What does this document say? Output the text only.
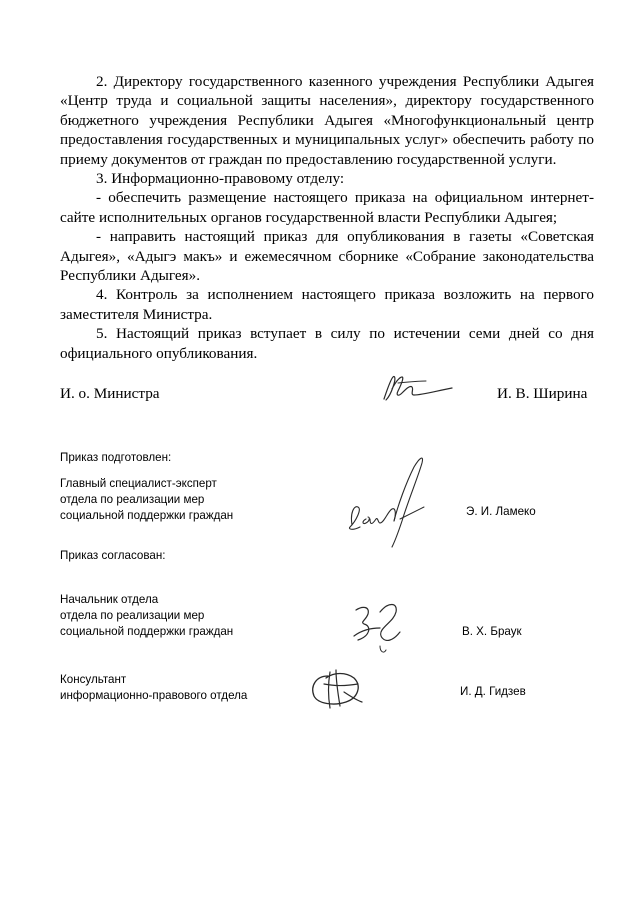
2. Директору государственного казенного учреждения Республики Адыгея «Центр труда и социальной защиты населения», директору государственного бюджетного учреждения Республики Адыгея «Многофункциональный центр предоставления государственных и муниципальных услуг» обеспечить работу по приему документов от граждан по предоставлению государственной услуги.

3. Информационно-правовому отделу:

- обеспечить размещение настоящего приказа на официальном интернет-сайте исполнительных органов государственной власти Республики Адыгея;

- направить настоящий приказ для опубликования в газеты «Советская Адыгея», «Адыгэ макъ» и ежемесячном сборнике «Собрание законодательства Республики Адыгея».

4. Контроль за исполнением настоящего приказа возложить на первого заместителя Министра.

5. Настоящий приказ вступает в силу по истечении семи дней со дня официального опубликования.

И. о. Министра	И. В. Ширина
Приказ подготовлен:
Главный специалист-эксперт
отдела по реализации мер
социальной поддержки граждан	Э. И. Ламеко
Приказ согласован:
Начальник отдела
отдела по реализации мер
социальной поддержки граждан	В. Х. Браук
Консультант
информационно-правового отдела	И. Д. Гидзев
